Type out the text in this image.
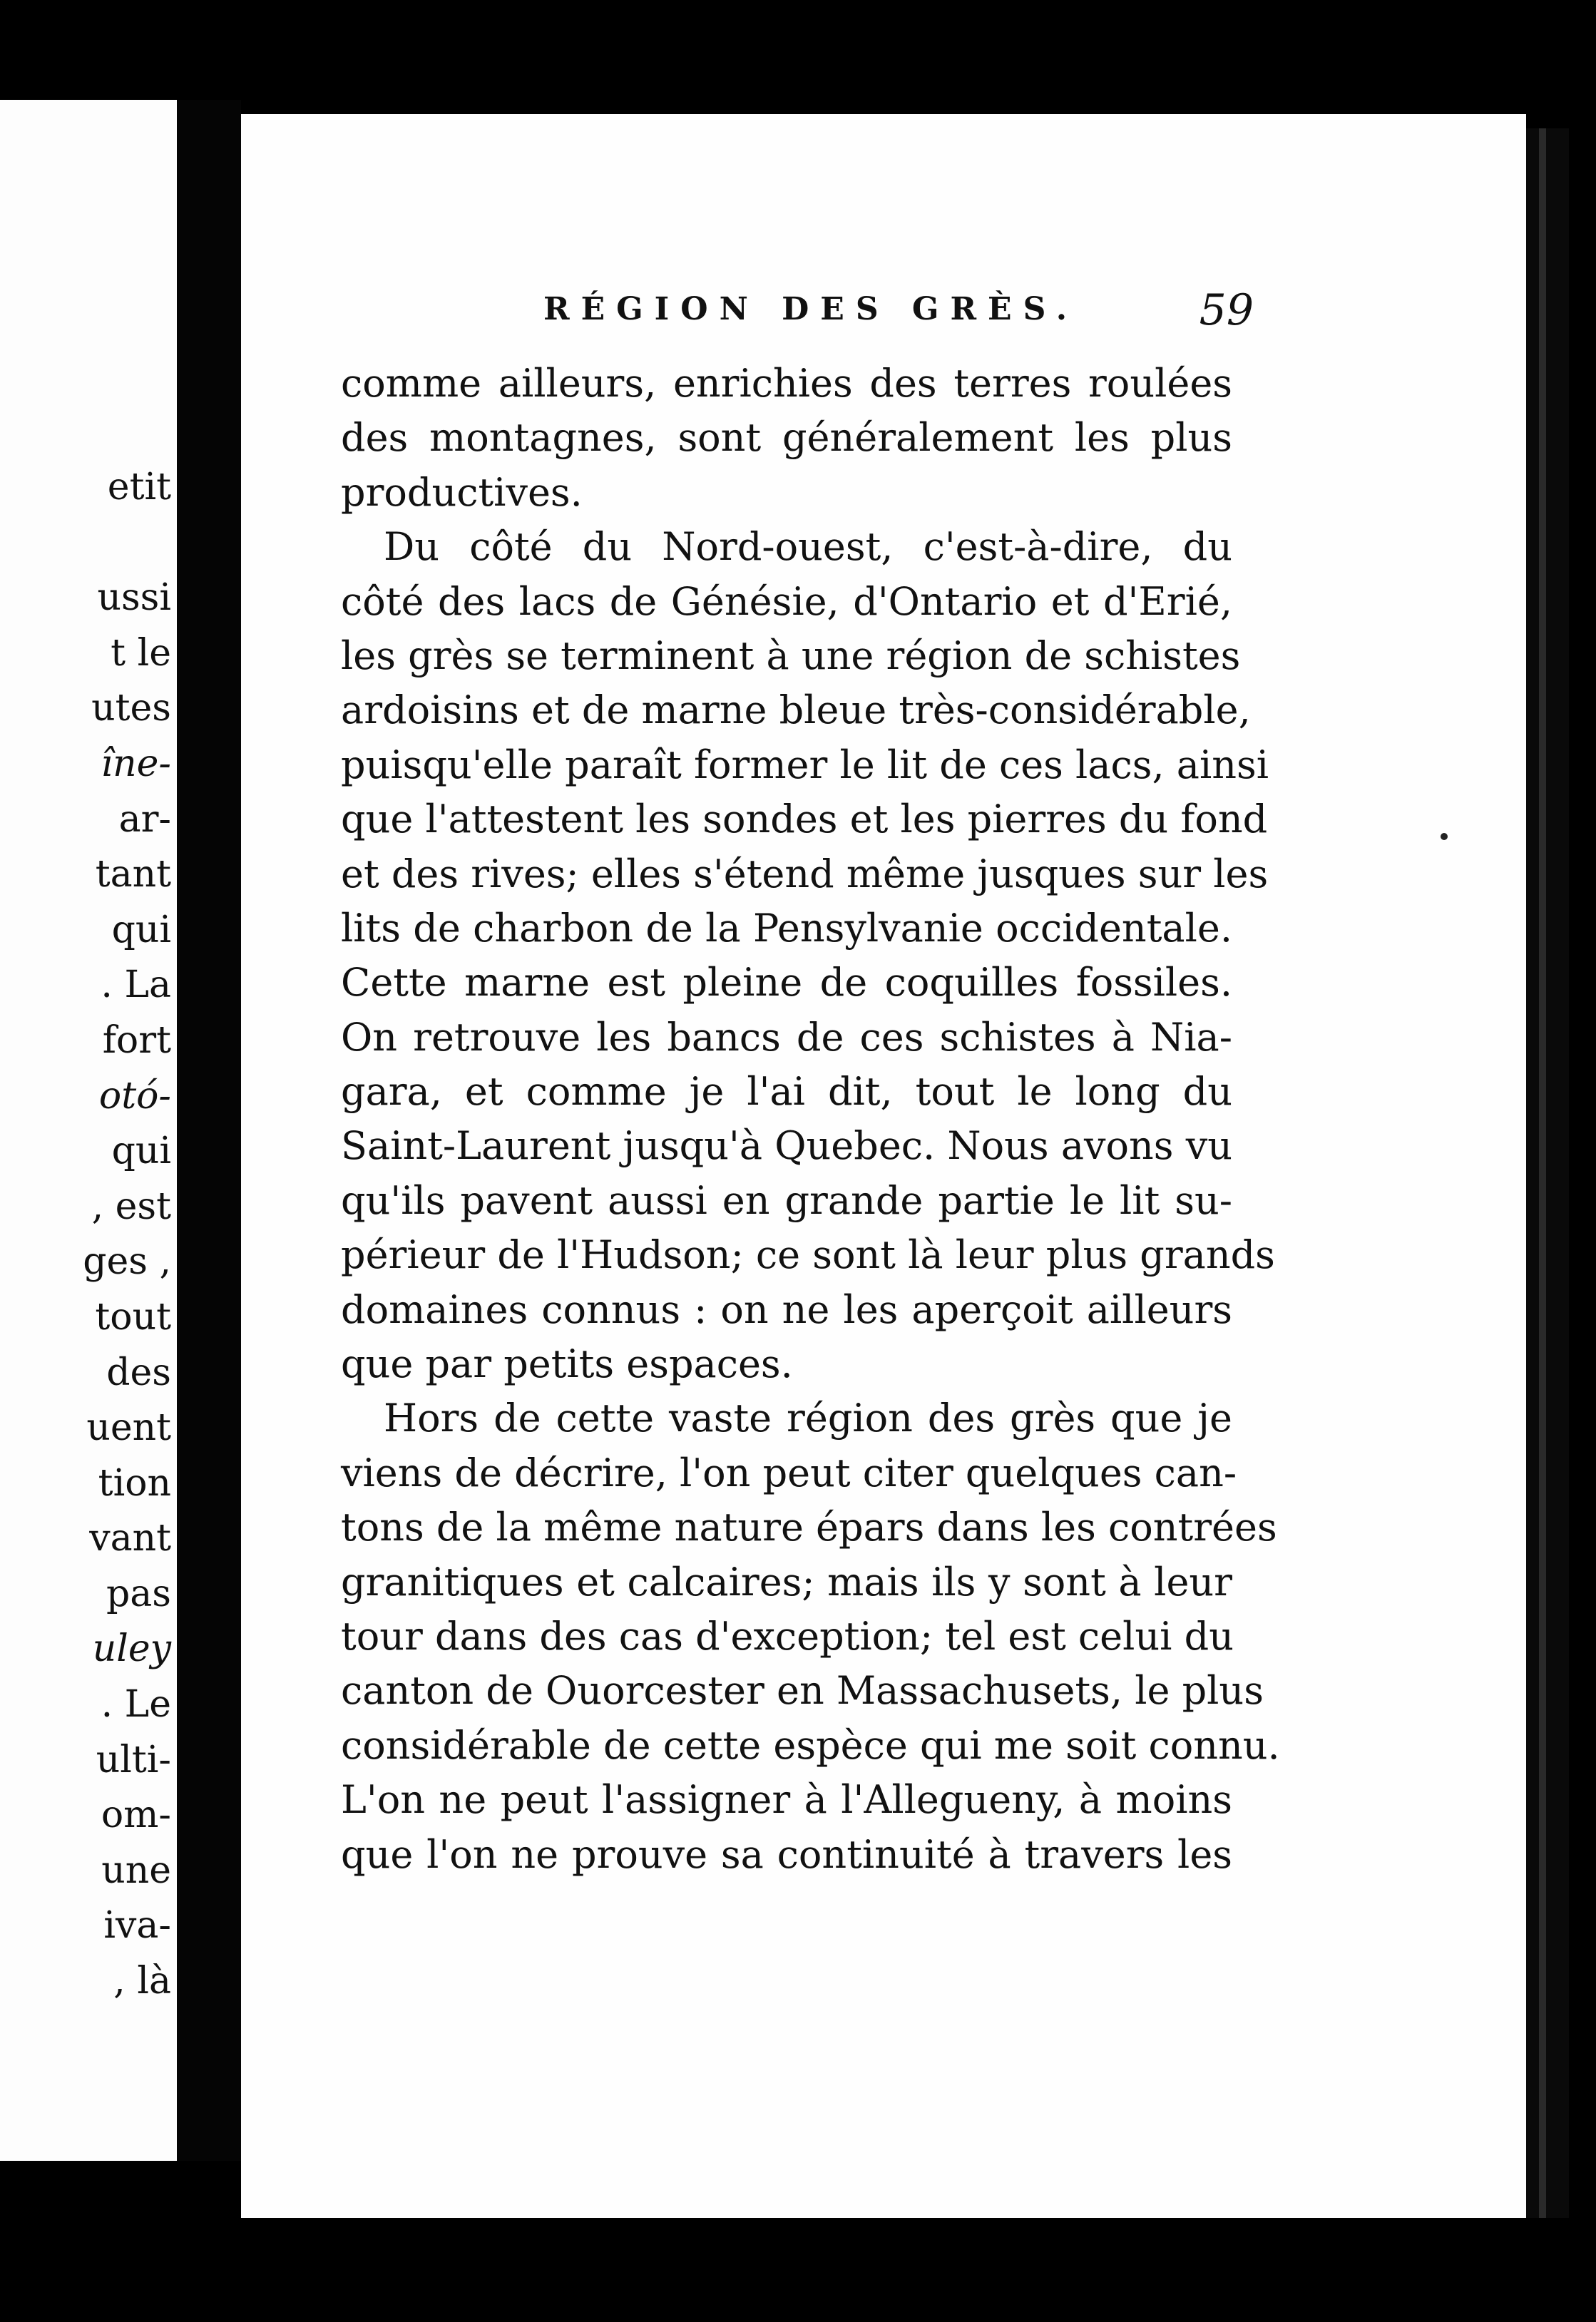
etit
ussi
t le
utes
îne-
ar-
tant
qui
. La
fort
otó-
qui
, est
ges ,
tout
des
uent
tion
vant
pas
uley
. Le
ulti-
om-
une
iva-
, là
RÉGION DES GRÈS.	59
comme ailleurs, enrichies des terres roulées
des montagnes, sont généralement les plus
productives.
Du côté du Nord-ouest, c'est-à-dire, du
côté des lacs de Génésie, d'Ontario et d'Erié,
les grès se terminent à une région de schistes
ardoisins et de marne bleue très-considérable,
puisqu'elle paraît former le lit de ces lacs, ainsi
que l'attestent les sondes et les pierres du fond
et des rives; elles s'étend même jusques sur les
lits de charbon de la Pensylvanie occidentale.
Cette marne est pleine de coquilles fossiles.
On retrouve les bancs de ces schistes à Nia-
gara, et comme je l'ai dit, tout le long du
Saint-Laurent jusqu'à Quebec. Nous avons vu
qu'ils pavent aussi en grande partie le lit su-
périeur de l'Hudson; ce sont là leur plus grands
domaines connus : on ne les aperçoit ailleurs
que par petits espaces.
Hors de cette vaste région des grès que je
viens de décrire, l'on peut citer quelques can-
tons de la même nature épars dans les contrées
granitiques et calcaires; mais ils y sont à leur
tour dans des cas d'exception; tel est celui du
canton de Ouorcester en Massachusets, le plus
considérable de cette espèce qui me soit connu.
L'on ne peut l'assigner à l'Allegueny, à moins
que l'on ne prouve sa continuité à travers les
